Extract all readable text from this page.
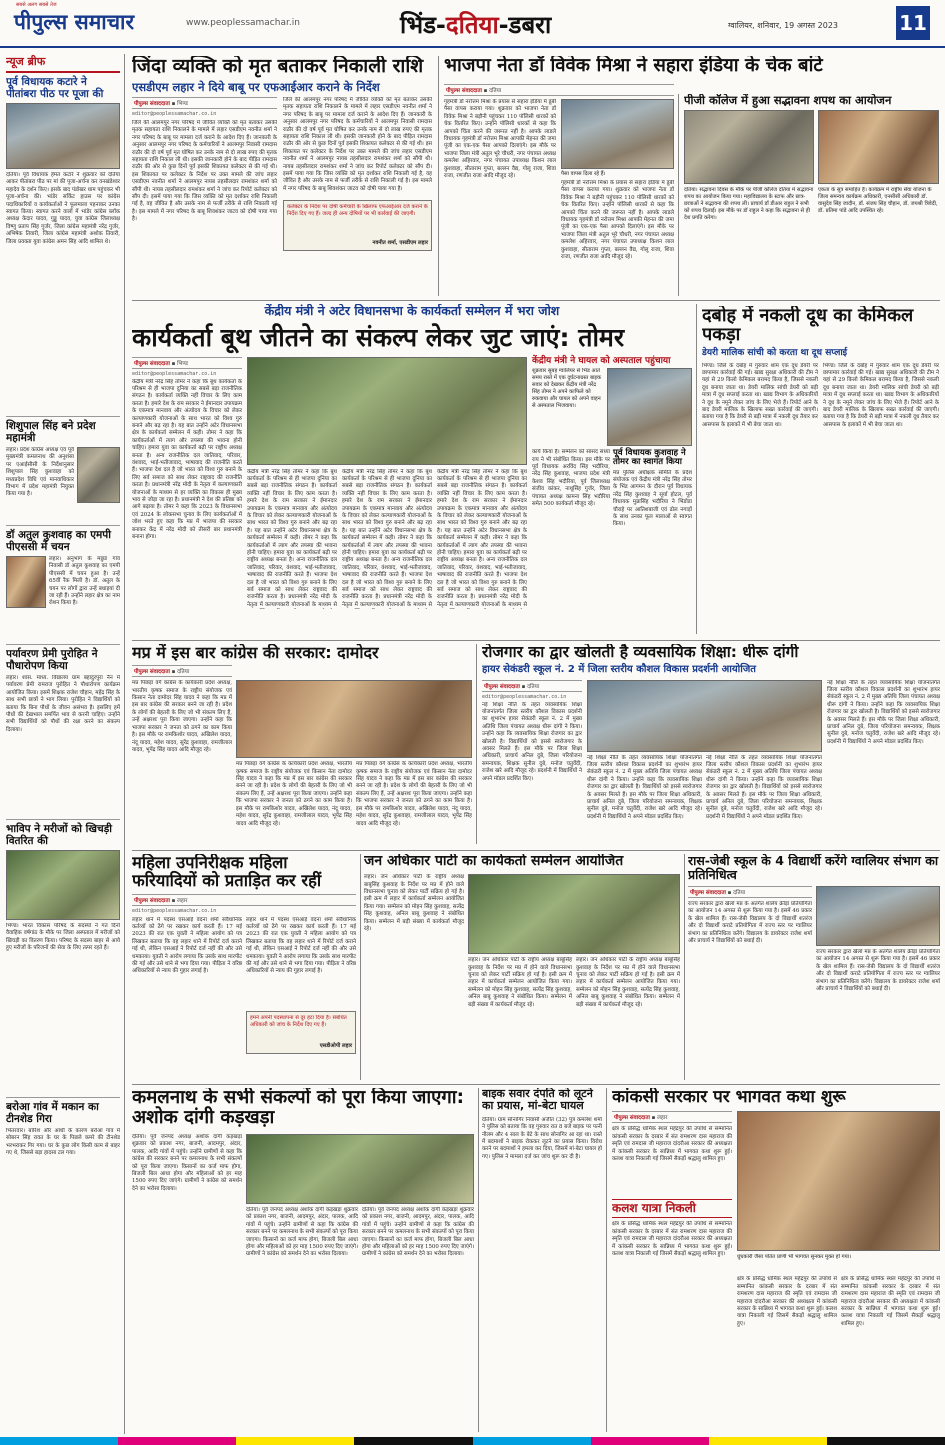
पीपुल्स समाचार
सबसे अलग सबसे तेज
www.peoplessamachar.in	भिंड-दतिया-डबरा	ग्वालियर, शनिवार, 19 अगस्त 2023	11
न्यूज ब्रीफ
पूर्व विधायक कटारे ने पीतांबरा पीठ पर पूजा की
दतिया। पूर्व विधायक हेमंत कटारे ने शुक्रवार को दतिया आकर पीतांबरा पीठ पर मां की पूजा-अर्चना कर वनखंडेश्वर महादेव के दर्शन किए। इसके बाद पंडोखर धाम पहुंचकर भी पूजा-अर्चना की। भांडेर सर्किट हाउस पर कांग्रेस पदाधिकारियों व कार्यकर्ताओं ने फूलमाला पहनाकर उनका स्वागत किया। स्वागत करने वालों में भांडेर कांग्रेस ब्लॉक अध्यक्ष केदार यादव, गुड्डू यादव, युवा कांग्रेस जिलाध्यक्ष विष्णु प्रताप सिंह गुर्जर, जिला कांग्रेस महामंत्री नरेंद्र गुर्जर, अभिषेक तिवारी, जिला कांग्रेस महामंत्री अशोक तिवारी, जिला प्रवक्ता युवा कांग्रेस अमन सिंह आदि शामिल थे।
शिशुपाल सिंह बने प्रदेश महामंत्री
लहार। प्रदेश कांग्रेस अध्यक्ष एवं पूर्व मुख्यमंत्री कमलनाथ की अनुशंसा पर एआईसीसी के निर्देशानुसार शिशुपाल सिंह कुशवाहा को मध्यप्रदेश विधि एवं मानवाधिकार विभाग में प्रदेश महामंत्री नियुक्त किया गया है।
डॉ अतुल कुशवाह का एमपी पीएससी में चयन
लहार। अनुभाग के मछुंड गांव निवासी डॉ अतुल कुशवाह का एमपी पीएससी में चयन हुआ है। उन्हें 65वीं रैंक मिली है। डॉ. अतुल के चयन पर लोगों द्वारा उन्हें बधाइयां दी जा रही हैं। उन्होंने लहार क्षेत्र का नाम रोशन किया है।
पर्यावरण प्रेमी पुरोहित ने पौधारोपण किया
लहार। शास. माध्य. विद्यालय ग्राम बहादुरपुरा नैन में पर्यावरण प्रेमी रामराज पुरोहित ने पौधारोपण कार्यक्रम आयोजित किया। इसमें शिक्षक राजेश चौहान, महेंद्र सिंह के साथ सभी छात्रों ने भाग लिया। पुरोहित ने विद्यार्थियों को बताया कि बिना पौधों के जीवन असंभव है। इसलिए हमें पौधों की देखभाल समर्पित भाव से करनी चाहिए। उन्होंने सभी विद्यार्थियों को पौधों की रक्षा करने का संकल्प दिलाया।
भाविप ने मरीजों को खिचड़ी वितरित की
भिण्ड। भारत विकास परिषद के सदस्यों ने गत दिनों वैवाहिक वर्षगांठ के मौके पर जिला अस्पताल में मरीजों को खिचड़ी का वितरण किया। परिषद के सदस्य बाहर से आये हुए मरीजों के परिजनों की सेवा के लिए तत्पर रहते हैं।
बरोआ गांव में मकान का टीनशेड गिरा
भितरवार। बारिश और आंधी के कारण बरोआ गांव में सोबरन सिंह रावत के घर के पिछले कमरे की टीनशेड भरभराकर गिर गया। घर के कुछ लोग किसी काम से बाहर गए थे, जिससे बड़ा हादसा टल गया।
जिंदा व्यक्ति को मृत बताकर निकाली राशि
एसडीएम लहार ने दिये बाबू पर एफआईआर कराने के निर्देश
पीपुल्स संवाददाता ▪ भिण्ड
editor@peoplessamachar.co.in
जिले की आलमपुर नगर परिषद में जीवित व्यक्ति को मृत बताकर उसकी मृतक सहायता राशि निकालने के मामले में लहार एसडीएम नवनीत शर्मा ने नगर परिषद के बाबू पर मामला दर्ज कराने के आदेश दिए हैं। जानकारी के अनुसार आलमपुर नगर परिषद के कर्मचारियों ने आलमपुर निवासी रामदास राठौर की दो वर्ष पूर्व मृत घोषित कर उनके नाम से दो लाख रुपए की मृतक सहायता राशि निकाल ली थी। इसकी जानकारी होने के बाद पीड़ित रामदास राठौर की ओर से कुछ दिनों पूर्व इसकी शिकायत कलेक्टर से की गई थी। इस शिकायत पर कलेक्टर के निर्देश पर उक्त मामले की जांच लहार एसडीएम नवनीत शर्मा ने आलमपुर नायब तहसीलदार रामशंकर शर्मा को सौंपी थी। नायब तहसीलदार रामशंकर शर्मा ने जांच कर रिपोर्ट कलेक्टर को सौंप दी। इसमें पाया गया कि जिस व्यक्ति को मृत दर्शाकर राशि निकाली गई है, वह जीवित है और उसके नाम से फर्जी तरीके से राशि निकाली गई है। इस मामले में नगर परिषद के बाबू शिवशंकर जाटव को दोषी पाया गया है।
जिले की आलमपुर नगर परिषद में जीवित व्यक्ति को मृत बताकर उसकी मृतक सहायता राशि निकालने के मामले में लहार एसडीएम नवनीत शर्मा ने नगर परिषद के बाबू पर मामला दर्ज कराने के आदेश दिए हैं। जानकारी के अनुसार आलमपुर नगर परिषद के कर्मचारियों ने आलमपुर निवासी रामदास राठौर की दो वर्ष पूर्व मृत घोषित कर उनके नाम से दो लाख रुपए की मृतक सहायता राशि निकाल ली थी। इसकी जानकारी होने के बाद पीड़ित रामदास राठौर की ओर से कुछ दिनों पूर्व इसकी शिकायत कलेक्टर से की गई थी। इस शिकायत पर कलेक्टर के निर्देश पर उक्त मामले की जांच लहार एसडीएम नवनीत शर्मा ने आलमपुर नायब तहसीलदार रामशंकर शर्मा को सौंपी थी। नायब तहसीलदार रामशंकर शर्मा ने जांच कर रिपोर्ट कलेक्टर को सौंप दी। इसमें पाया गया कि जिस व्यक्ति को मृत दर्शाकर राशि निकाली गई है, वह जीवित है और उसके नाम से फर्जी तरीके से राशि निकाली गई है। इस मामले में नगर परिषद के बाबू शिवशंकर जाटव को दोषी पाया गया है।
कलेक्टर के निर्देश पर दोषी कर्मचारी के खिलाफ एफआईआर दर्ज कराने के निर्देश दिए गए हैं। जल्द ही अन्य दोषियों पर भी कार्रवाई की जाएगी।
नवनीत शर्मा, एसडीएम लहार
भाजपा नेता डॉ विवेक मिश्रा ने सहारा इंडिया के चेक बांटे
पीपुल्स संवाददाता ▪ दतिया
गृहमंत्री डॉ नरोत्तम मिश्रा के प्रयास से सहारा इंडिया में डूबी पैसा वापस कराया गया। शुक्रवार को भाजपा नेता डॉ विवेक मिश्रा ने बड़ौनी पहुंचकर 110 पॉलिसी धारकों को चेक वितरित किए। उन्होंने पॉलिसी धारकों से कहा कि आपको चिंता करने की जरूरत नहीं है। आपके लाडले विधायक गृहमंत्री डॉ नरोत्तम मिश्रा आपकी मेहनत की जमा पूंजी का एक-एक पैसा आपको दिलाएंगे। इस मौके पर भाजपा जिला मंत्री अतुल भूरे चौधरी, नगर पंचायत अध्यक्ष कमलेश अहिरवार, नगर पंचायत उपाध्यक्ष किशन लाल कुशवाहा, सीताराम गुप्ता, बल्लन वैद्य, गोलू राजा, शिवा राजा, रणजीत राजा आदि मौजूद रहे।	पैसा वापस दिला रहे हैं।
गृहमंत्री डॉ नरोत्तम मिश्रा के प्रयास से सहारा इंडिया में डूबी पैसा वापस कराया गया। शुक्रवार को भाजपा नेता डॉ विवेक मिश्रा ने बड़ौनी पहुंचकर 110 पॉलिसी धारकों को चेक वितरित किए। उन्होंने पॉलिसी धारकों से कहा कि आपको चिंता करने की जरूरत नहीं है। आपके लाडले विधायक गृहमंत्री डॉ नरोत्तम मिश्रा आपकी मेहनत की जमा पूंजी का एक-एक पैसा आपको दिलाएंगे। इस मौके पर भाजपा जिला मंत्री अतुल भूरे चौधरी, नगर पंचायत अध्यक्ष कमलेश अहिरवार, नगर पंचायत उपाध्यक्ष किशन लाल कुशवाहा, सीताराम गुप्ता, बल्लन वैद्य, गोलू राजा, शिवा राजा, रणजीत राजा आदि मौजूद रहे।
पीजी कॉलेज में हुआ सद्भावना शपथ का आयोजन
दतिया। सद्भावना दिवस के मौके पर पीजी कॉलेज दतिया में सद्भावना शपथ का आयोजन किया गया। महाविद्यालय के स्टाफ और छात्र-छात्राओं ने सद्भावना की शपथ ली। प्राचार्य डॉ डीआर राहुल ने सभी को शपथ दिलाई। इस मौके पर डॉ राहुल ने कहा कि सद्भावना से ही देश प्रगति करेगा।
एकता के सूत्र समाहित हैं। कार्यक्रम में राष्ट्रीय सेवा योजना के जिला समन्वय कार्यक्रम अधिकारी, एनसीसी अधिकारी डॉ. वासुदेव सिंह जादौन, डॉ. संजय सिंह चौहान, डॉ. जयश्री त्रिवेदी, डॉ. प्रतिमा पांडे आदि उपस्थित रहे।
केंद्रीय मंत्री ने अटेर विधानसभा के कार्यकर्ता सम्मेलन में भरा जोश
कार्यकर्ता बूथ जीतने का संकल्प लेकर जुट जाएं: तोमर
पीपुल्स संवाददाता ▪ भिण्ड
editor@peoplessamachar.co.in
केंद्रीय मंत्री नरेंद्र सिंह तोमर ने कहा कि बूथ कार्यकर्ता के परिश्रम से ही भाजपा दुनिया का सबसे बड़ा राजनीतिक संगठन है। कार्यकर्ता व्यक्ति नहीं विचार के लिए काम करता है। हमारे देश के राम सरकार ने ईमानदार उपायक्रम के एकमात्र मानवाय और अंत्योदय के विचार को लेकर कल्याणकारी योजनाओं के साथ भारत को विश्व गुरु बनाने और बढ़ रहा है। यह बात उन्होंने अटेर विधानसभा क्षेत्र के कार्यकर्ता सम्मेलन में कही। तोमर ने कहा कि कार्यकर्ताओं में त्याग और तपस्या की भावना होनी चाहिए। हमारा युवा का कार्यकर्ता बढ़ी पर राष्ट्रीय अध्यक्ष बनता है। अन्य राजनीतिक दल जातिवाद, परिवार, वंशवाद, भाई-भतीजावाद, भाषावाद की राजनीति करते हैं। भाजपा देश दल है जो भारत को विश्व गुरु बनाने के लिए सर्व समाज को साथ लेकर राष्ट्रवाद की राजनीति करता है। प्रधानमंत्री नरेंद्र मोदी के नेतृत्व में कल्याणकारी योजनाओं के माध्यम से हर व्यक्ति का विकास ही मुख्य भाव से जोड़ा जा रहा है। प्रधानमंत्री ने देश की प्रतिष्ठा को आगे बढ़ाया है। तोमर ने कहा कि 2023 के विधानसभा एवं 2024 के लोकसभा चुनाव के लिए कार्यकर्ताओं में जोश भरते हुए कहा कि मप्र में भाजपा की सरकार बनाकर केंद्र में नरेंद्र मोदी को तीसरी बार प्रधानमंत्री बनाना होगा।
केंद्रीय मंत्री नरेंद्र सिंह तोमर ने कहा कि बूथ कार्यकर्ता के परिश्रम से ही भाजपा दुनिया का सबसे बड़ा राजनीतिक संगठन है। कार्यकर्ता व्यक्ति नहीं विचार के लिए काम करता है। हमारे देश के राम सरकार ने ईमानदार उपायक्रम के एकमात्र मानवाय और अंत्योदय के विचार को लेकर कल्याणकारी योजनाओं के साथ भारत को विश्व गुरु बनाने और बढ़ रहा है। यह बात उन्होंने अटेर विधानसभा क्षेत्र के कार्यकर्ता सम्मेलन में कही। तोमर ने कहा कि कार्यकर्ताओं में त्याग और तपस्या की भावना होनी चाहिए। हमारा युवा का कार्यकर्ता बढ़ी पर राष्ट्रीय अध्यक्ष बनता है। अन्य राजनीतिक दल जातिवाद, परिवार, वंशवाद, भाई-भतीजावाद, भाषावाद की राजनीति करते हैं। भाजपा देश दल है जो भारत को विश्व गुरु बनाने के लिए सर्व समाज को साथ लेकर राष्ट्रवाद की राजनीति करता है। प्रधानमंत्री नरेंद्र मोदी के नेतृत्व में कल्याणकारी योजनाओं के माध्यम से
केंद्रीय मंत्री नरेंद्र सिंह तोमर ने कहा कि बूथ कार्यकर्ता के परिश्रम से ही भाजपा दुनिया का सबसे बड़ा राजनीतिक संगठन है। कार्यकर्ता व्यक्ति नहीं विचार के लिए काम करता है। हमारे देश के राम सरकार ने ईमानदार उपायक्रम के एकमात्र मानवाय और अंत्योदय के विचार को लेकर कल्याणकारी योजनाओं के साथ भारत को विश्व गुरु बनाने और बढ़ रहा है। यह बात उन्होंने अटेर विधानसभा क्षेत्र के कार्यकर्ता सम्मेलन में कही। तोमर ने कहा कि कार्यकर्ताओं में त्याग और तपस्या की भावना होनी चाहिए। हमारा युवा का कार्यकर्ता बढ़ी पर राष्ट्रीय अध्यक्ष बनता है। अन्य राजनीतिक दल जातिवाद, परिवार, वंशवाद, भाई-भतीजावाद, भाषावाद की राजनीति करते हैं। भाजपा देश दल है जो भारत को विश्व गुरु बनाने के लिए सर्व समाज को साथ लेकर राष्ट्रवाद की राजनीति करता है। प्रधानमंत्री नरेंद्र मोदी के नेतृत्व में कल्याणकारी योजनाओं के माध्यम से
केंद्रीय मंत्री नरेंद्र सिंह तोमर ने कहा कि बूथ कार्यकर्ता के परिश्रम से ही भाजपा दुनिया का सबसे बड़ा राजनीतिक संगठन है। कार्यकर्ता व्यक्ति नहीं विचार के लिए काम करता है। हमारे देश के राम सरकार ने ईमानदार उपायक्रम के एकमात्र मानवाय और अंत्योदय के विचार को लेकर कल्याणकारी योजनाओं के साथ भारत को विश्व गुरु बनाने और बढ़ रहा है। यह बात उन्होंने अटेर विधानसभा क्षेत्र के कार्यकर्ता सम्मेलन में कही। तोमर ने कहा कि कार्यकर्ताओं में त्याग और तपस्या की भावना होनी चाहिए। हमारा युवा का कार्यकर्ता बढ़ी पर राष्ट्रीय अध्यक्ष बनता है। अन्य राजनीतिक दल जातिवाद, परिवार, वंशवाद, भाई-भतीजावाद, भाषावाद की राजनीति करते हैं। भाजपा देश दल है जो भारत को विश्व गुरु बनाने के लिए सर्व समाज को साथ लेकर राष्ट्रवाद की राजनीति करता है। प्रधानमंत्री नरेंद्र मोदी के नेतृत्व में कल्याणकारी योजनाओं के माध्यम से
केंद्रीय मंत्री ने घायल को अस्पताल पहुंचाया
शुक्रवार सुबह ग्वालियर से भिंड आते समय रास्ते में एक दुर्घटनाग्रस्त बाइक सवार को देखकर केंद्रीय मंत्री नरेंद्र सिंह तोमर ने अपने काफिले को रुकवाया और घायल को अपने वाहन से अस्पताल भिजवाया।
कार्य किया है। सम्मेलन को सांसद संध्या राय ने भी संबोधित किया। इस मौके पर पूर्व विधायक अरविंद सिंह भदौरिया, नरेंद्र सिंह कुशवाह, भाजपा प्रदेश मंत्री केशव सिंह भदौरिया, पूर्व जिलाध्यक्ष संजीव कांकर, नाथूसिंह गुर्जर, जिला पंचायत अध्यक्ष कामना सिंह भदौरिया समेत 500 कार्यकर्ता मौजूद रहे।
पूर्व विधायक कुशवाह ने तोमर का स्वागत किया
मप्र पुलिस अधीक्षक समिति के प्रदेश संयोजक एवं केंद्रीय मंत्री नरेंद्र सिंह तोमर के भिंड आगमन के दौरान पूर्व विधायक नरेंद्र सिंह कुशवाह ने सूर्या होटल, पूर्व विधायक मुन्नासिंह भदौरिया ने भिंडोडा चौराहे पर आतिशबाजी एवं ढोल नगाड़ों के साथ उनका फूल मालाओं से स्वागत किया।
दबोह में नकली दूध का केमिकल पकड़ा
डेयरी मालिक सांची को करता था दूध सप्लाई
भिण्ड। जिले के दबोह में गुरुवार शाम एक दूध डेयरी पर छापामार कार्रवाई की गई। खाद्य सुरक्षा अधिकारी की टीम ने यहां से 29 किलो केमिकल बरामद किया है, जिससे नकली दूध बनाया जाता था। डेयरी मालिक सांची डेयरी को बड़ी मात्रा में दूध सप्लाई करता था। खाद्य विभाग के अधिकारियों ने दूध के नमूने लेकर जांच के लिए भेजे हैं। रिपोर्ट आने के बाद डेयरी मालिक के खिलाफ सख्त कार्रवाई की जाएगी। बताया गया है कि डेयरी से बड़ी मात्रा में नकली दूध तैयार कर आसपास के इलाकों में भी बेचा जाता था।
भिण्ड। जिले के दबोह में गुरुवार शाम एक दूध डेयरी पर छापामार कार्रवाई की गई। खाद्य सुरक्षा अधिकारी की टीम ने यहां से 29 किलो केमिकल बरामद किया है, जिससे नकली दूध बनाया जाता था। डेयरी मालिक सांची डेयरी को बड़ी मात्रा में दूध सप्लाई करता था। खाद्य विभाग के अधिकारियों ने दूध के नमूने लेकर जांच के लिए भेजे हैं। रिपोर्ट आने के बाद डेयरी मालिक के खिलाफ सख्त कार्रवाई की जाएगी। बताया गया है कि डेयरी से बड़ी मात्रा में नकली दूध तैयार कर आसपास के इलाकों में भी बेचा जाता था।
मप्र में इस बार कांग्रेस की सरकार: दामोदर
पीपुल्स संवाददाता ▪ दतिया
मप्र पिछड़ा वर्ग कांग्रेस के कार्यकारी प्रदेश अध्यक्ष, भारतीय कृषक समाज के राष्ट्रीय संयोजक एवं किसान नेता दामोदर सिंह यादव ने कहा कि मप्र में इस बार कांग्रेस की सरकार बनने जा रही है। प्रदेश के लोगों की बेहतरी के लिए जो भी संकल्प लिए हैं, उन्हें अक्षरशः पूरा किया जाएगा। उन्होंने कहा कि भाजपा सरकार ने जनता को ठगने का काम किया है। इस मौके पर रामकिशोर यादव, अखिलेश यादव, नंदू यादव, महेश यादव, सुरेंद्र कुशवाहा, रामजीलाल यादव, भूपेंद्र सिंह यादव आदि मौजूद रहे।
मप्र पिछड़ा वर्ग कांग्रेस के कार्यकारी प्रदेश अध्यक्ष, भारतीय कृषक समाज के राष्ट्रीय संयोजक एवं किसान नेता दामोदर सिंह यादव ने कहा कि मप्र में इस बार कांग्रेस की सरकार बनने जा रही है। प्रदेश के लोगों की बेहतरी के लिए जो भी संकल्प लिए हैं, उन्हें अक्षरशः पूरा किया जाएगा। उन्होंने कहा कि भाजपा सरकार ने जनता को ठगने का काम किया है। इस मौके पर रामकिशोर यादव, अखिलेश यादव, नंदू यादव, महेश यादव, सुरेंद्र कुशवाहा, रामजीलाल यादव, भूपेंद्र सिंह यादव आदि मौजूद रहे।
मप्र पिछड़ा वर्ग कांग्रेस के कार्यकारी प्रदेश अध्यक्ष, भारतीय कृषक समाज के राष्ट्रीय संयोजक एवं किसान नेता दामोदर सिंह यादव ने कहा कि मप्र में इस बार कांग्रेस की सरकार बनने जा रही है। प्रदेश के लोगों की बेहतरी के लिए जो भी संकल्प लिए हैं, उन्हें अक्षरशः पूरा किया जाएगा। उन्होंने कहा कि भाजपा सरकार ने जनता को ठगने का काम किया है। इस मौके पर रामकिशोर यादव, अखिलेश यादव, नंदू यादव, महेश यादव, सुरेंद्र कुशवाहा, रामजीलाल यादव, भूपेंद्र सिंह यादव आदि मौजूद रहे।
रोजगार का द्वार खोलती है व्यवसायिक शिक्षा: धीरू दांगी
हायर सेकंडरी स्कूल नं. 2 में जिला स्तरीय कौशल विकास प्रदर्शनी आयोजित
पीपुल्स संवाददाता ▪ दतिया
editor@peoplessamachar.co.in
नई शिक्षा नीति के तहत व्यवसायिक शिक्षा योजनांतर्गत जिला स्तरीय कौशल विकास प्रदर्शनी का शुभारंभ हायर सेकंडरी स्कूल नं. 2 में मुख्य अतिथि जिला पंचायत अध्यक्ष धीरू दांगी ने किया। उन्होंने कहा कि व्यवसायिक शिक्षा रोजगार का द्वार खोलती है। विद्यार्थियों को इससे स्वरोजगार के अवसर मिलते हैं। इस मौके पर जिला शिक्षा अधिकारी, प्राचार्य अनिल दुबे, जिला परियोजना समन्वयक, शिक्षक सुनील दुबे, मनोज चतुर्वेदी, राजेश खरे आदि मौजूद रहे। प्रदर्शनी में विद्यार्थियों ने अपने मॉडल प्रदर्शित किए।
नई शिक्षा नीति के तहत व्यवसायिक शिक्षा योजनांतर्गत जिला स्तरीय कौशल विकास प्रदर्शनी का शुभारंभ हायर सेकंडरी स्कूल नं. 2 में मुख्य अतिथि जिला पंचायत अध्यक्ष धीरू दांगी ने किया। उन्होंने कहा कि व्यवसायिक शिक्षा रोजगार का द्वार खोलती है। विद्यार्थियों को इससे स्वरोजगार के अवसर मिलते हैं। इस मौके पर जिला शिक्षा अधिकारी, प्राचार्य अनिल दुबे, जिला परियोजना समन्वयक, शिक्षक सुनील दुबे, मनोज चतुर्वेदी, राजेश खरे आदि मौजूद रहे। प्रदर्शनी में विद्यार्थियों ने अपने मॉडल प्रदर्शित किए।
नई शिक्षा नीति के तहत व्यवसायिक शिक्षा योजनांतर्गत जिला स्तरीय कौशल विकास प्रदर्शनी का शुभारंभ हायर सेकंडरी स्कूल नं. 2 में मुख्य अतिथि जिला पंचायत अध्यक्ष धीरू दांगी ने किया। उन्होंने कहा कि व्यवसायिक शिक्षा रोजगार का द्वार खोलती है। विद्यार्थियों को इससे स्वरोजगार के अवसर मिलते हैं। इस मौके पर जिला शिक्षा अधिकारी, प्राचार्य अनिल दुबे, जिला परियोजना समन्वयक, शिक्षक सुनील दुबे, मनोज चतुर्वेदी, राजेश खरे आदि मौजूद रहे। प्रदर्शनी में विद्यार्थियों ने अपने मॉडल प्रदर्शित किए।
नई शिक्षा नीति के तहत व्यवसायिक शिक्षा योजनांतर्गत जिला स्तरीय कौशल विकास प्रदर्शनी का शुभारंभ हायर सेकंडरी स्कूल नं. 2 में मुख्य अतिथि जिला पंचायत अध्यक्ष धीरू दांगी ने किया। उन्होंने कहा कि व्यवसायिक शिक्षा रोजगार का द्वार खोलती है। विद्यार्थियों को इससे स्वरोजगार के अवसर मिलते हैं। इस मौके पर जिला शिक्षा अधिकारी, प्राचार्य अनिल दुबे, जिला परियोजना समन्वयक, शिक्षक सुनील दुबे, मनोज चतुर्वेदी, राजेश खरे आदि मौजूद रहे। प्रदर्शनी में विद्यार्थियों ने अपने मॉडल प्रदर्शित किए।
महिला उपनिरीक्षक महिला फरियादियों को प्रताड़ित कर रहीं
पीपुल्स संवाददाता ▪ लहार
editor@peoplessamachar.co.in
लहार थाने में पदस्थ एसआई वंदना शर्मा संवैधानिक कर्तव्यों को ठेंगे पर रखकर कार्य करती हैं। 17 मई 2023 की रात एक युवती ने महिला आयोग को पत्र लिखकर बताया कि वह लहार थाने में रिपोर्ट दर्ज कराने गई थी, लेकिन एसआई ने रिपोर्ट दर्ज नहीं की और उसे धमकाया। युवती ने आरोप लगाया कि उसके साथ मारपीट की गई और उसे थाने से भगा दिया गया। पीड़िता ने वरिष्ठ अधिकारियों से न्याय की गुहार लगाई है।
लहार थाने में पदस्थ एसआई वंदना शर्मा संवैधानिक कर्तव्यों को ठेंगे पर रखकर कार्य करती हैं। 17 मई 2023 की रात एक युवती ने महिला आयोग को पत्र लिखकर बताया कि वह लहार थाने में रिपोर्ट दर्ज कराने गई थी, लेकिन एसआई ने रिपोर्ट दर्ज नहीं की और उसे धमकाया। युवती ने आरोप लगाया कि उसके साथ मारपीट की गई और उसे थाने से भगा दिया गया। पीड़िता ने वरिष्ठ अधिकारियों से न्याय की गुहार लगाई है।
हमने अपनी पदस्थापना से दूर हटा दिया है। संबंधित अधिकारी को जांच के निर्देश दिए गए हैं।
एसडीओपी लहार
जन अधिकार पार्टी का कार्यकर्ता सम्मेलन आयोजित
लहार। जन अधिकार पार्टी के राष्ट्रीय अध्यक्ष बाबूसिंह कुशवाह के निर्देश पर मप्र में होने वाले विधानसभा चुनाव को लेकर पार्टी सक्रिय हो गई है। इसी क्रम में लहार में कार्यकर्ता सम्मेलन आयोजित किया गया। सम्मेलन को मोहन सिंह कुशवाह, सत्येंद्र सिंह कुशवाह, अनिल बाबू कुशवाह ने संबोधित किया। सम्मेलन में बड़ी संख्या में कार्यकर्ता मौजूद रहे।
लहार। जन अधिकार पार्टी के राष्ट्रीय अध्यक्ष बाबूसिंह कुशवाह के निर्देश पर मप्र में होने वाले विधानसभा चुनाव को लेकर पार्टी सक्रिय हो गई है। इसी क्रम में लहार में कार्यकर्ता सम्मेलन आयोजित किया गया। सम्मेलन को मोहन सिंह कुशवाह, सत्येंद्र सिंह कुशवाह, अनिल बाबू कुशवाह ने संबोधित किया। सम्मेलन में बड़ी संख्या में कार्यकर्ता मौजूद रहे।
लहार। जन अधिकार पार्टी के राष्ट्रीय अध्यक्ष बाबूसिंह कुशवाह के निर्देश पर मप्र में होने वाले विधानसभा चुनाव को लेकर पार्टी सक्रिय हो गई है। इसी क्रम में लहार में कार्यकर्ता सम्मेलन आयोजित किया गया। सम्मेलन को मोहन सिंह कुशवाह, सत्येंद्र सिंह कुशवाह, अनिल बाबू कुशवाह ने संबोधित किया। सम्मेलन में बड़ी संख्या में कार्यकर्ता मौजूद रहे।
रास-जेबी स्कूल के 4 विद्यार्थी करेंगे ग्वालियर संभाग का प्रतिनिधित्व
पीपुल्स संवाददाता ▪ दतिया
राज्य सरकार द्वारा खेलो मप्र के अंतर्गत शालेय क्रीड़ा प्रतियोगिता का आयोजन 14 अगस्त से शुरू किया गया है। इसमें 46 प्रकार के खेल शामिल हैं। रास-जेबी विद्यालय के दो विद्यार्थी शतरंज और दो विद्यार्थी कराटे प्रतियोगिता में राज्य स्तर पर ग्वालियर संभाग का प्रतिनिधित्व करेंगे। विद्यालय के डायरेक्टर राजेश शर्मा और प्राचार्य ने विद्यार्थियों को बधाई दी।
राज्य सरकार द्वारा खेलो मप्र के अंतर्गत शालेय क्रीड़ा प्रतियोगिता का आयोजन 14 अगस्त से शुरू किया गया है। इसमें 46 प्रकार के खेल शामिल हैं। रास-जेबी विद्यालय के दो विद्यार्थी शतरंज और दो विद्यार्थी कराटे प्रतियोगिता में राज्य स्तर पर ग्वालियर संभाग का प्रतिनिधित्व करेंगे। विद्यालय के डायरेक्टर राजेश शर्मा और प्राचार्य ने विद्यार्थियों को बधाई दी।
कमलनाथ के सभी संकल्पों को पूरा किया जाएगा: अशोक दांगी कड़खड़ा
दतिया। पूर्व जनपद अध्यक्ष अशोक दांगी कड़खड़ा शुक्रवार को प्रकाश नगर, बाजनी, आदमपुर, अंदार, पालक, आदि गांवों में पहुंचे। उन्होंने ग्रामीणों से कहा कि कांग्रेस की सरकार बनने पर कमलनाथ के सभी संकल्पों को पूरा किया जाएगा। किसानों का कर्ज माफ होगा, बिजली बिल आधा होगा और महिलाओं को हर माह 1500 रुपए दिए जाएंगे। ग्रामीणों ने कांग्रेस को समर्थन देने का भरोसा दिलाया।
दतिया। पूर्व जनपद अध्यक्ष अशोक दांगी कड़खड़ा शुक्रवार को प्रकाश नगर, बाजनी, आदमपुर, अंदार, पालक, आदि गांवों में पहुंचे। उन्होंने ग्रामीणों से कहा कि कांग्रेस की सरकार बनने पर कमलनाथ के सभी संकल्पों को पूरा किया जाएगा। किसानों का कर्ज माफ होगा, बिजली बिल आधा होगा और महिलाओं को हर माह 1500 रुपए दिए जाएंगे। ग्रामीणों ने कांग्रेस को समर्थन देने का भरोसा दिलाया।
दतिया। पूर्व जनपद अध्यक्ष अशोक दांगी कड़खड़ा शुक्रवार को प्रकाश नगर, बाजनी, आदमपुर, अंदार, पालक, आदि गांवों में पहुंचे। उन्होंने ग्रामीणों से कहा कि कांग्रेस की सरकार बनने पर कमलनाथ के सभी संकल्पों को पूरा किया जाएगा। किसानों का कर्ज माफ होगा, बिजली बिल आधा होगा और महिलाओं को हर माह 1500 रुपए दिए जाएंगे। ग्रामीणों ने कांग्रेस को समर्थन देने का भरोसा दिलाया।
बाइक सवार दंपति को लूटने का प्रयास, मां-बेटा घायल
दतिया। ग्राम सोनागिर निवासी अजीत (32) पुत्र कमलेश शर्मा ने पुलिस को बताया कि वह गुरुवार रात 8 बजे बाइक पर पत्नी नीलम और 4 साल के बेटे के साथ सोनागिर आ रहा था। रास्ते में बदमाशों ने बाइक रोककर लूटने का प्रयास किया। विरोध करने पर बदमाशों ने हमला कर दिया, जिसमें मां-बेटा घायल हो गए। पुलिस ने मामला दर्ज कर जांच शुरू कर दी है।
कांकसी सरकार पर भागवत कथा शुरू
पीपुल्स संवाददाता ▪ लहार
क्षेत्र के प्रसिद्ध धार्मिक स्थल महेंद्रपुर की उपाधि से सम्मानित कांकसी सरकार के दरबार में संत रामशरण दास महाराज की स्मृति एवं रामदास जी महाराज दांदरौआ सरकार की अध्यक्षता में कांकसी सरकार के सान्निध्य में भागवत कथा शुरू हुई। कलश यात्रा निकाली गई जिसमें सैकड़ों श्रद्धालु शामिल हुए।
कलश यात्रा निकली
क्षेत्र के प्रसिद्ध धार्मिक स्थल महेंद्रपुर की उपाधि से सम्मानित कांकसी सरकार के दरबार में संत रामशरण दास महाराज की स्मृति एवं रामदास जी महाराज दांदरौआ सरकार की अध्यक्षता में कांकसी सरकार के सान्निध्य में भागवत कथा शुरू हुई। कलश यात्रा निकाली गई जिसमें सैकड़ों श्रद्धालु शामिल हुए।
धुंधकारी जैसा पतित प्राणी भी भागवत सुनकर मुक्त हो गया।
क्षेत्र के प्रसिद्ध धार्मिक स्थल महेंद्रपुर की उपाधि से सम्मानित कांकसी सरकार के दरबार में संत रामशरण दास महाराज की स्मृति एवं रामदास जी महाराज दांदरौआ सरकार की अध्यक्षता में कांकसी सरकार के सान्निध्य में भागवत कथा शुरू हुई। कलश यात्रा निकाली गई जिसमें सैकड़ों श्रद्धालु शामिल हुए।
क्षेत्र के प्रसिद्ध धार्मिक स्थल महेंद्रपुर की उपाधि से सम्मानित कांकसी सरकार के दरबार में संत रामशरण दास महाराज की स्मृति एवं रामदास जी महाराज दांदरौआ सरकार की अध्यक्षता में कांकसी सरकार के सान्निध्य में भागवत कथा शुरू हुई। कलश यात्रा निकाली गई जिसमें सैकड़ों श्रद्धालु शामिल हुए।
